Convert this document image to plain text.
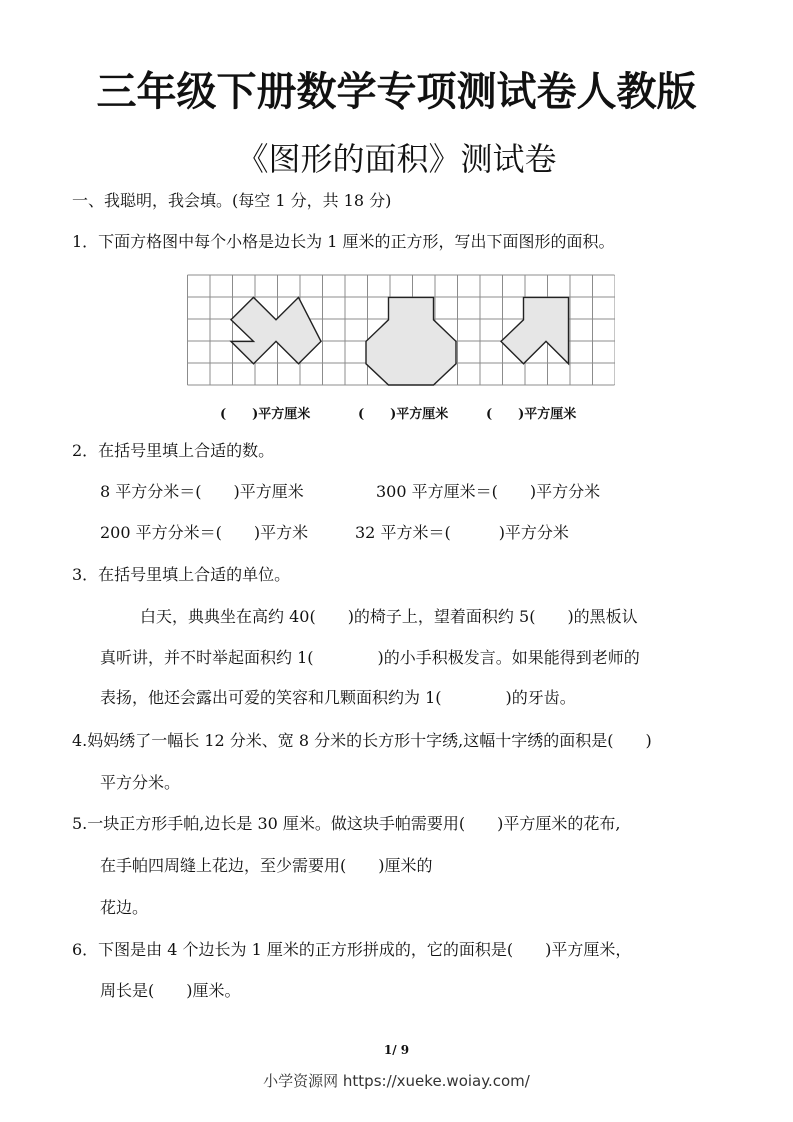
三年级下册数学专项测试卷人教版
《图形的面积》测试卷
一、我聪明，我会填。(每空 1 分，共 18 分)
1．下面方格图中每个小格是边长为 1 厘米的正方形，写出下面图形的面积。
(　　)平方厘米	(　　)平方厘米	(　　)平方厘米
2．在括号里填上合适的数。
8 平方分米＝(　　)平方厘米	300 平方厘米＝(　　)平方分米
200 平方分米＝(　　)平方米	32 平方米＝(　　　)平方分米
3．在括号里填上合适的单位。
白天，典典坐在高约 40(　　)的椅子上，望着面积约 5(　　)的黑板认
真听讲，并不时举起面积约 1(　　　　)的小手积极发言。如果能得到老师的
表扬，他还会露出可爱的笑容和几颗面积约为 1(　　　　)的牙齿。
4.妈妈绣了一幅长 12 分米、宽 8 分米的长方形十字绣,这幅十字绣的面积是(　　)
平方分米。
5.一块正方形手帕,边长是 30 厘米。做这块手帕需要用(　　)平方厘米的花布,
在手帕四周缝上花边，至少需要用(　　)厘米的
花边。
6．下图是由 4 个边长为 1 厘米的正方形拼成的，它的面积是(　　)平方厘米，
周长是(　　)厘米。
1/ 9
小学资源网 https://xueke.woiay.com/
